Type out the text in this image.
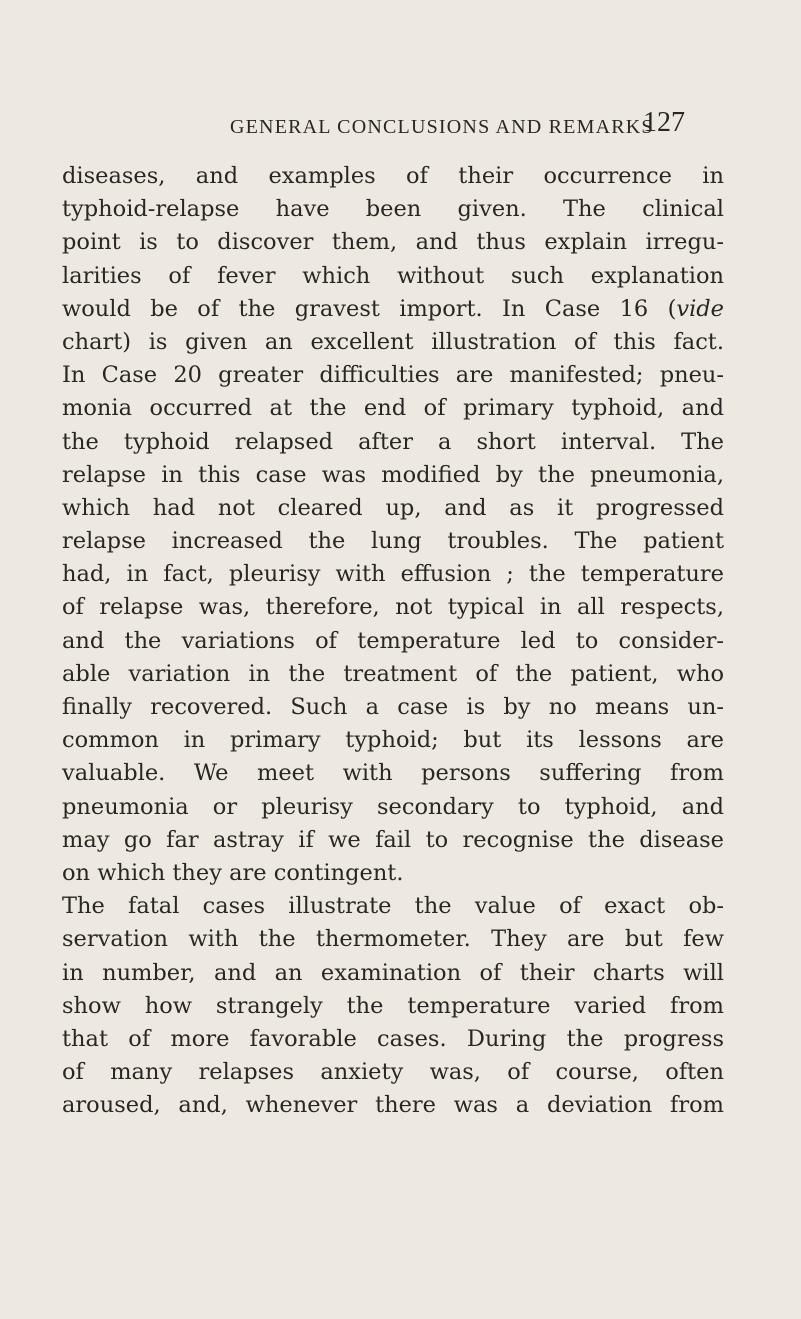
GENERAL CONCLUSIONS AND REMARKS
127
diseases, and examples of their occurrence in
typhoid-relapse have been given. The clinical
point is to discover them, and thus explain irregu-
larities of fever which without such explanation
would be of the gravest import. In Case 16 (vide
chart) is given an excellent illustration of this fact.
In Case 20 greater difficulties are manifested; pneu-
monia occurred at the end of primary typhoid, and
the typhoid relapsed after a short interval. The
relapse in this case was modified by the pneumonia,
which had not cleared up, and as it progressed
relapse increased the lung troubles. The patient
had, in fact, pleurisy with effusion ; the temperature
of relapse was, therefore, not typical in all respects,
and the variations of temperature led to consider-
able variation in the treatment of the patient, who
finally recovered. Such a case is by no means un-
common in primary typhoid; but its lessons are
valuable. We meet with persons suffering from
pneumonia or pleurisy secondary to typhoid, and
may go far astray if we fail to recognise the disease
on which they are contingent.
The fatal cases illustrate the value of exact ob-
servation with the thermometer. They are but few
in number, and an examination of their charts will
show how strangely the temperature varied from
that of more favorable cases. During the progress
of many relapses anxiety was, of course, often
aroused, and, whenever there was a deviation from
